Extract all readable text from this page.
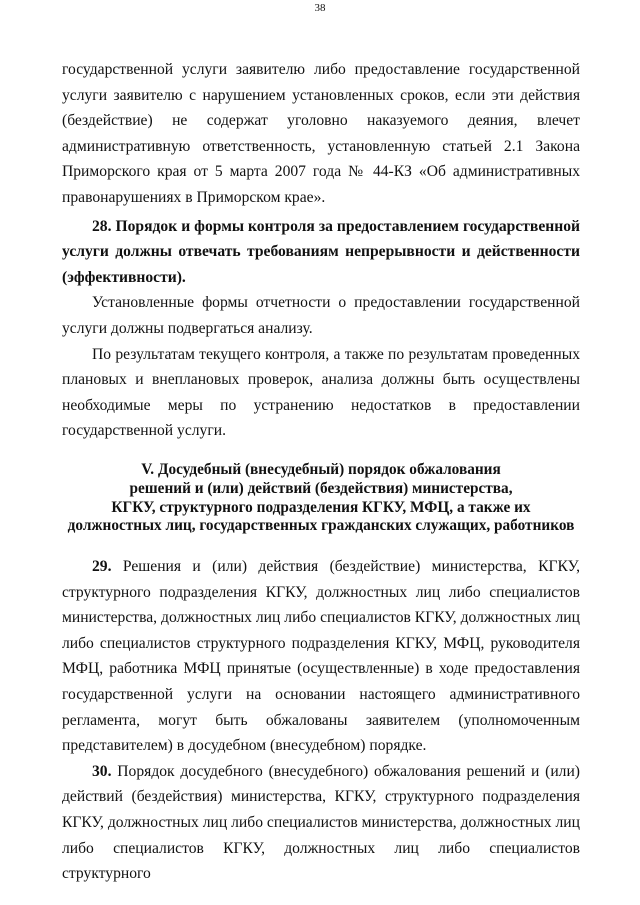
38

государственной услуги заявителю либо предоставление государственной услуги заявителю с нарушением установленных сроков, если эти действия (бездействие) не содержат уголовно наказуемого деяния, влечет административную ответственность, установленную статьей 2.1 Закона Приморского края от 5 марта 2007 года № 44-КЗ «Об административных правонарушениях в Приморском крае».

28. Порядок и формы контроля за предоставлением государственной услуги должны отвечать требованиям непрерывности и действенности (эффективности).

Установленные формы отчетности о предоставлении государственной услуги должны подвергаться анализу.

По результатам текущего контроля, а также по результатам проведенных плановых и внеплановых проверок, анализа должны быть осуществлены необходимые меры по устранению недостатков в предоставлении государственной услуги.

V. Досудебный (внесудебный) порядок обжалования
решений и (или) действий (бездействия) министерства,
КГКУ, структурного подразделения КГКУ, МФЦ, а также их
должностных лиц, государственных гражданских служащих, работников

29. Решения и (или) действия (бездействие) министерства, КГКУ, структурного подразделения КГКУ, должностных лиц либо специалистов министерства, должностных лиц либо специалистов КГКУ, должностных лиц либо специалистов структурного подразделения КГКУ, МФЦ, руководителя МФЦ, работника МФЦ принятые (осуществленные) в ходе предоставления государственной услуги на основании настоящего административного регламента, могут быть обжалованы заявителем (уполномоченным представителем) в досудебном (внесудебном) порядке.

30. Порядок досудебного (внесудебного) обжалования решений и (или) действий (бездействия) министерства, КГКУ, структурного подразделения КГКУ, должностных лиц либо специалистов министерства, должностных лиц либо специалистов КГКУ, должностных лиц либо специалистов структурного
